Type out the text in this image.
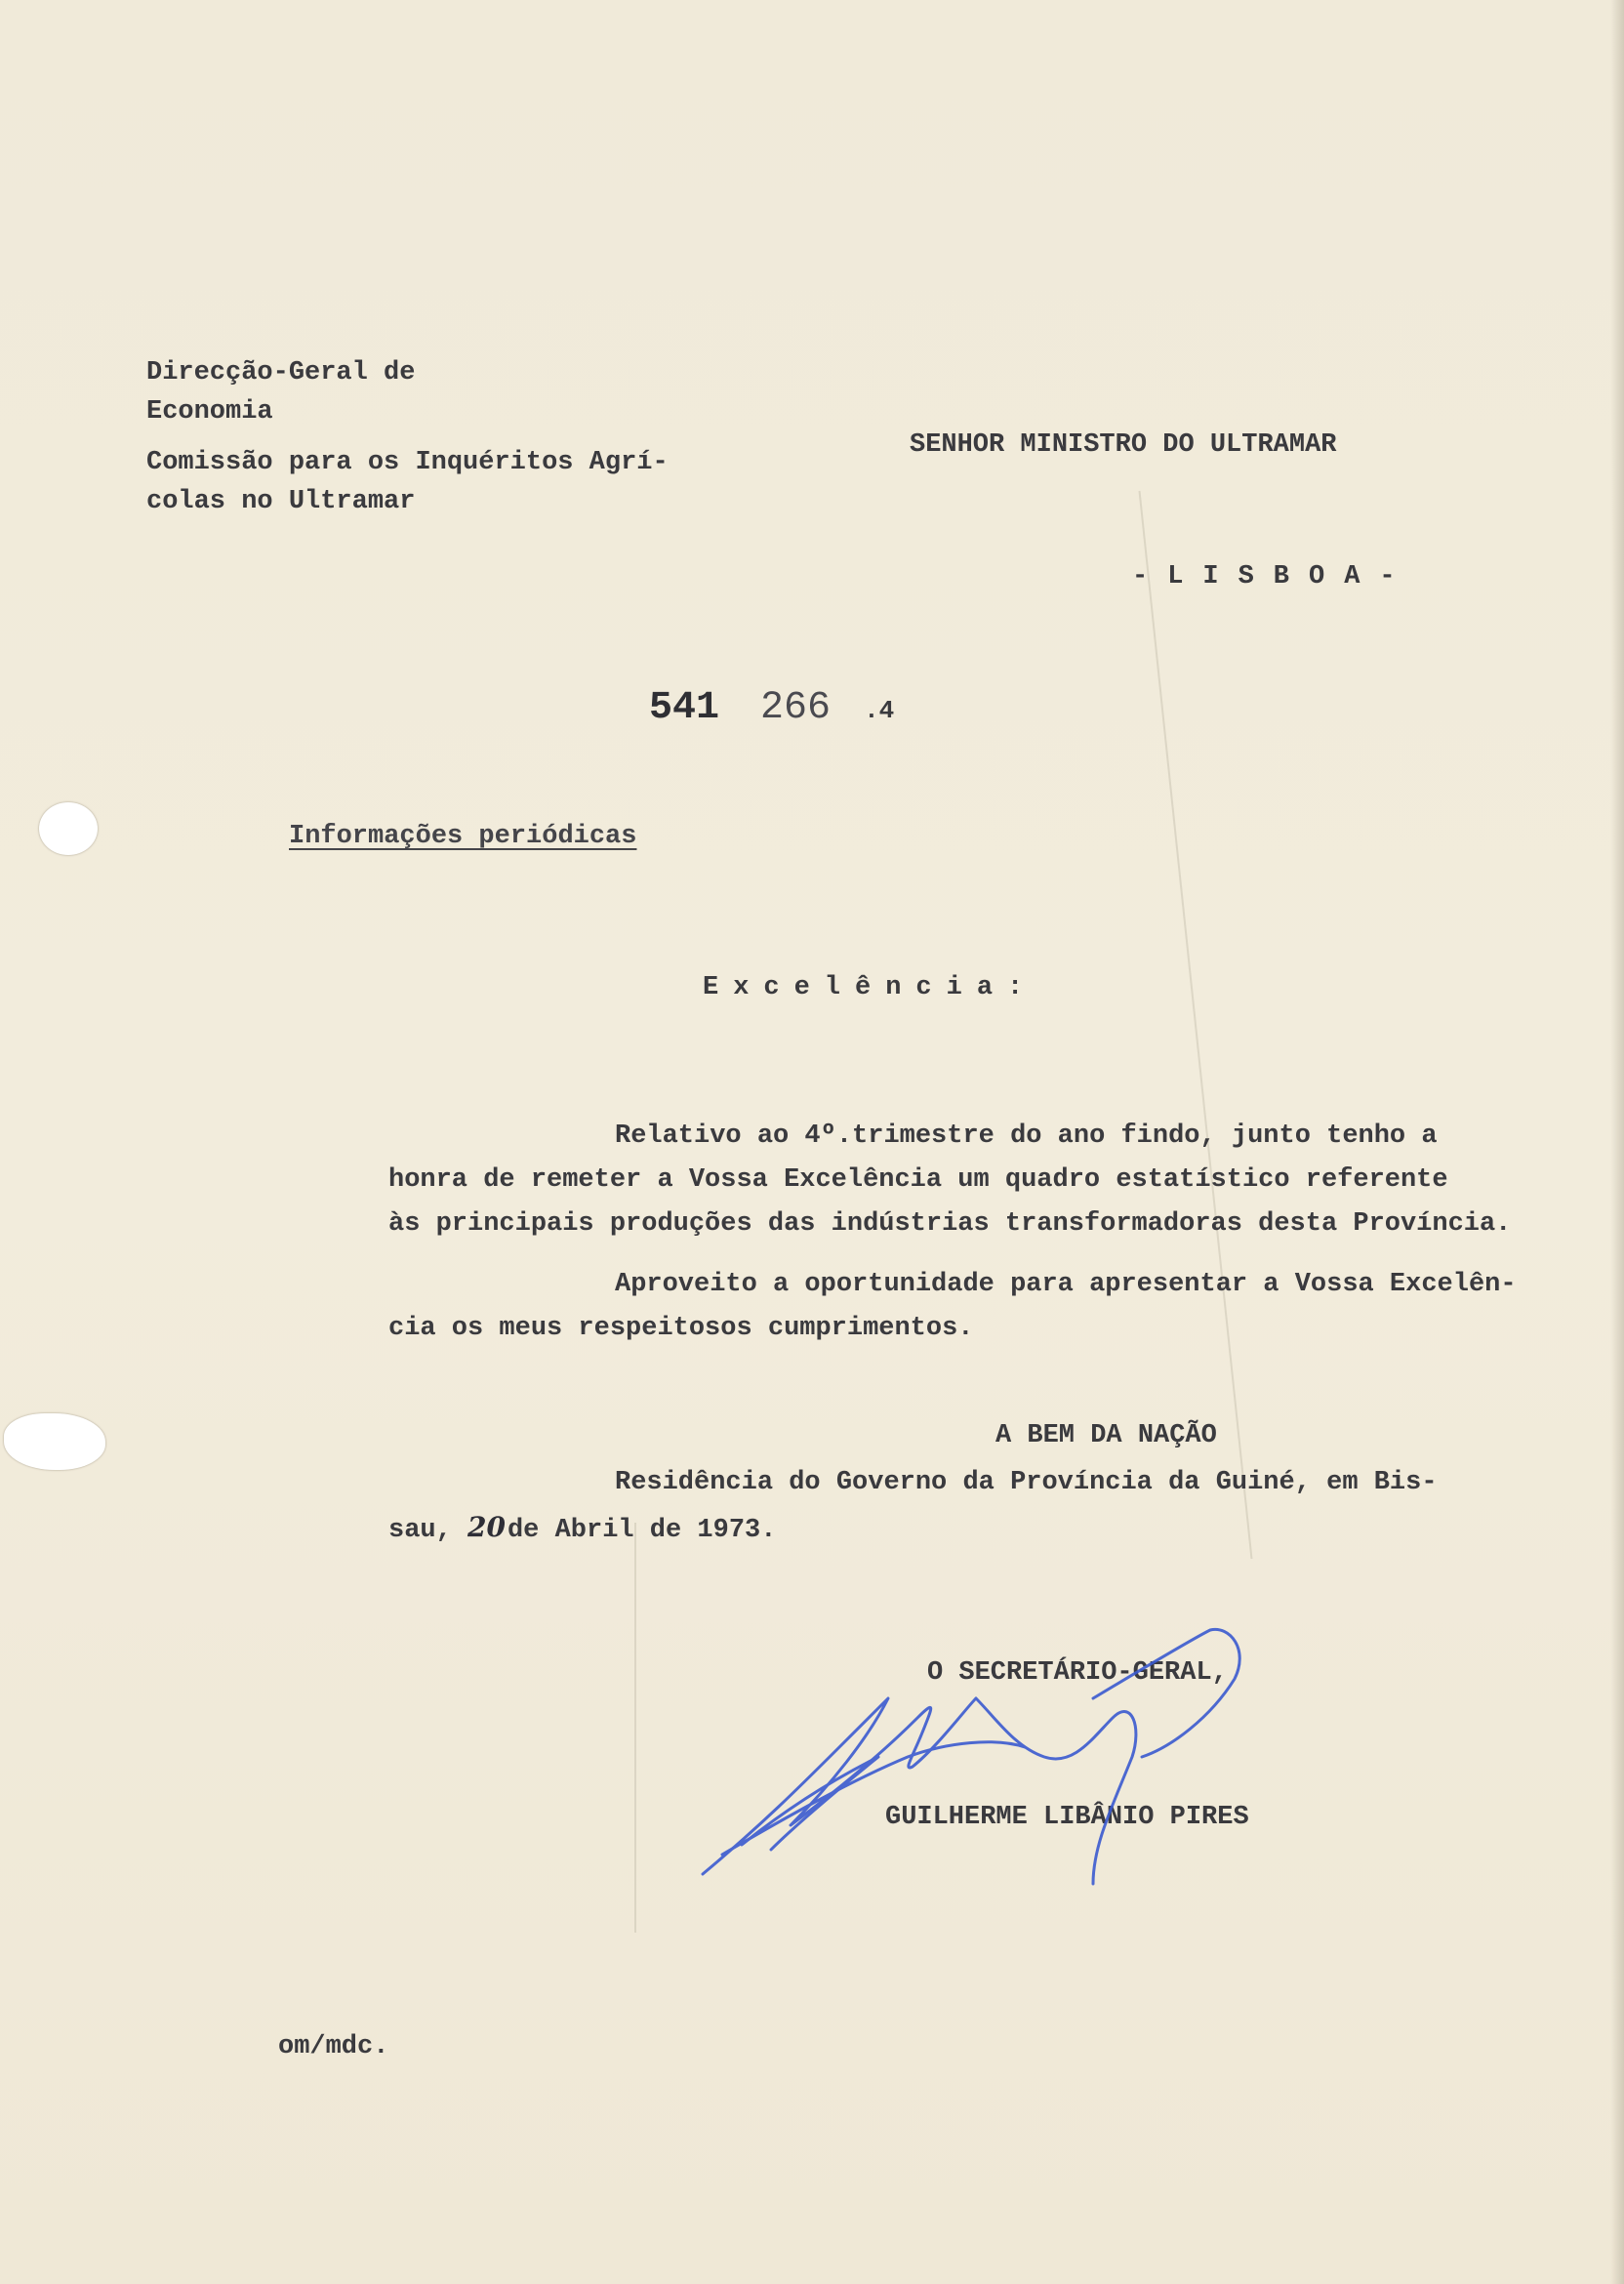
Direcção-Geral de
Economia
Comissão para os Inquéritos Agrí-
colas no Ultramar
SENHOR MINISTRO DO ULTRAMAR
-LISBOA-
541 266 .4
Informações periódicas
Excelência:
Relativo ao 4º.trimestre do ano findo, junto tenho a
honra de remeter a Vossa Excelência um quadro estatístico referente
às principais produções das indústrias transformadoras desta Província.
Aproveito a oportunidade para apresentar a Vossa Excelên-
cia os meus respeitosos cumprimentos.
A BEM DA NAÇÃO
Residência do Governo da Província da Guiné, em Bis-
sau, 20de Abril de 1973.
O SECRETÁRIO-GERAL,
GUILHERME LIBÂNIO PIRES
om/mdc.
